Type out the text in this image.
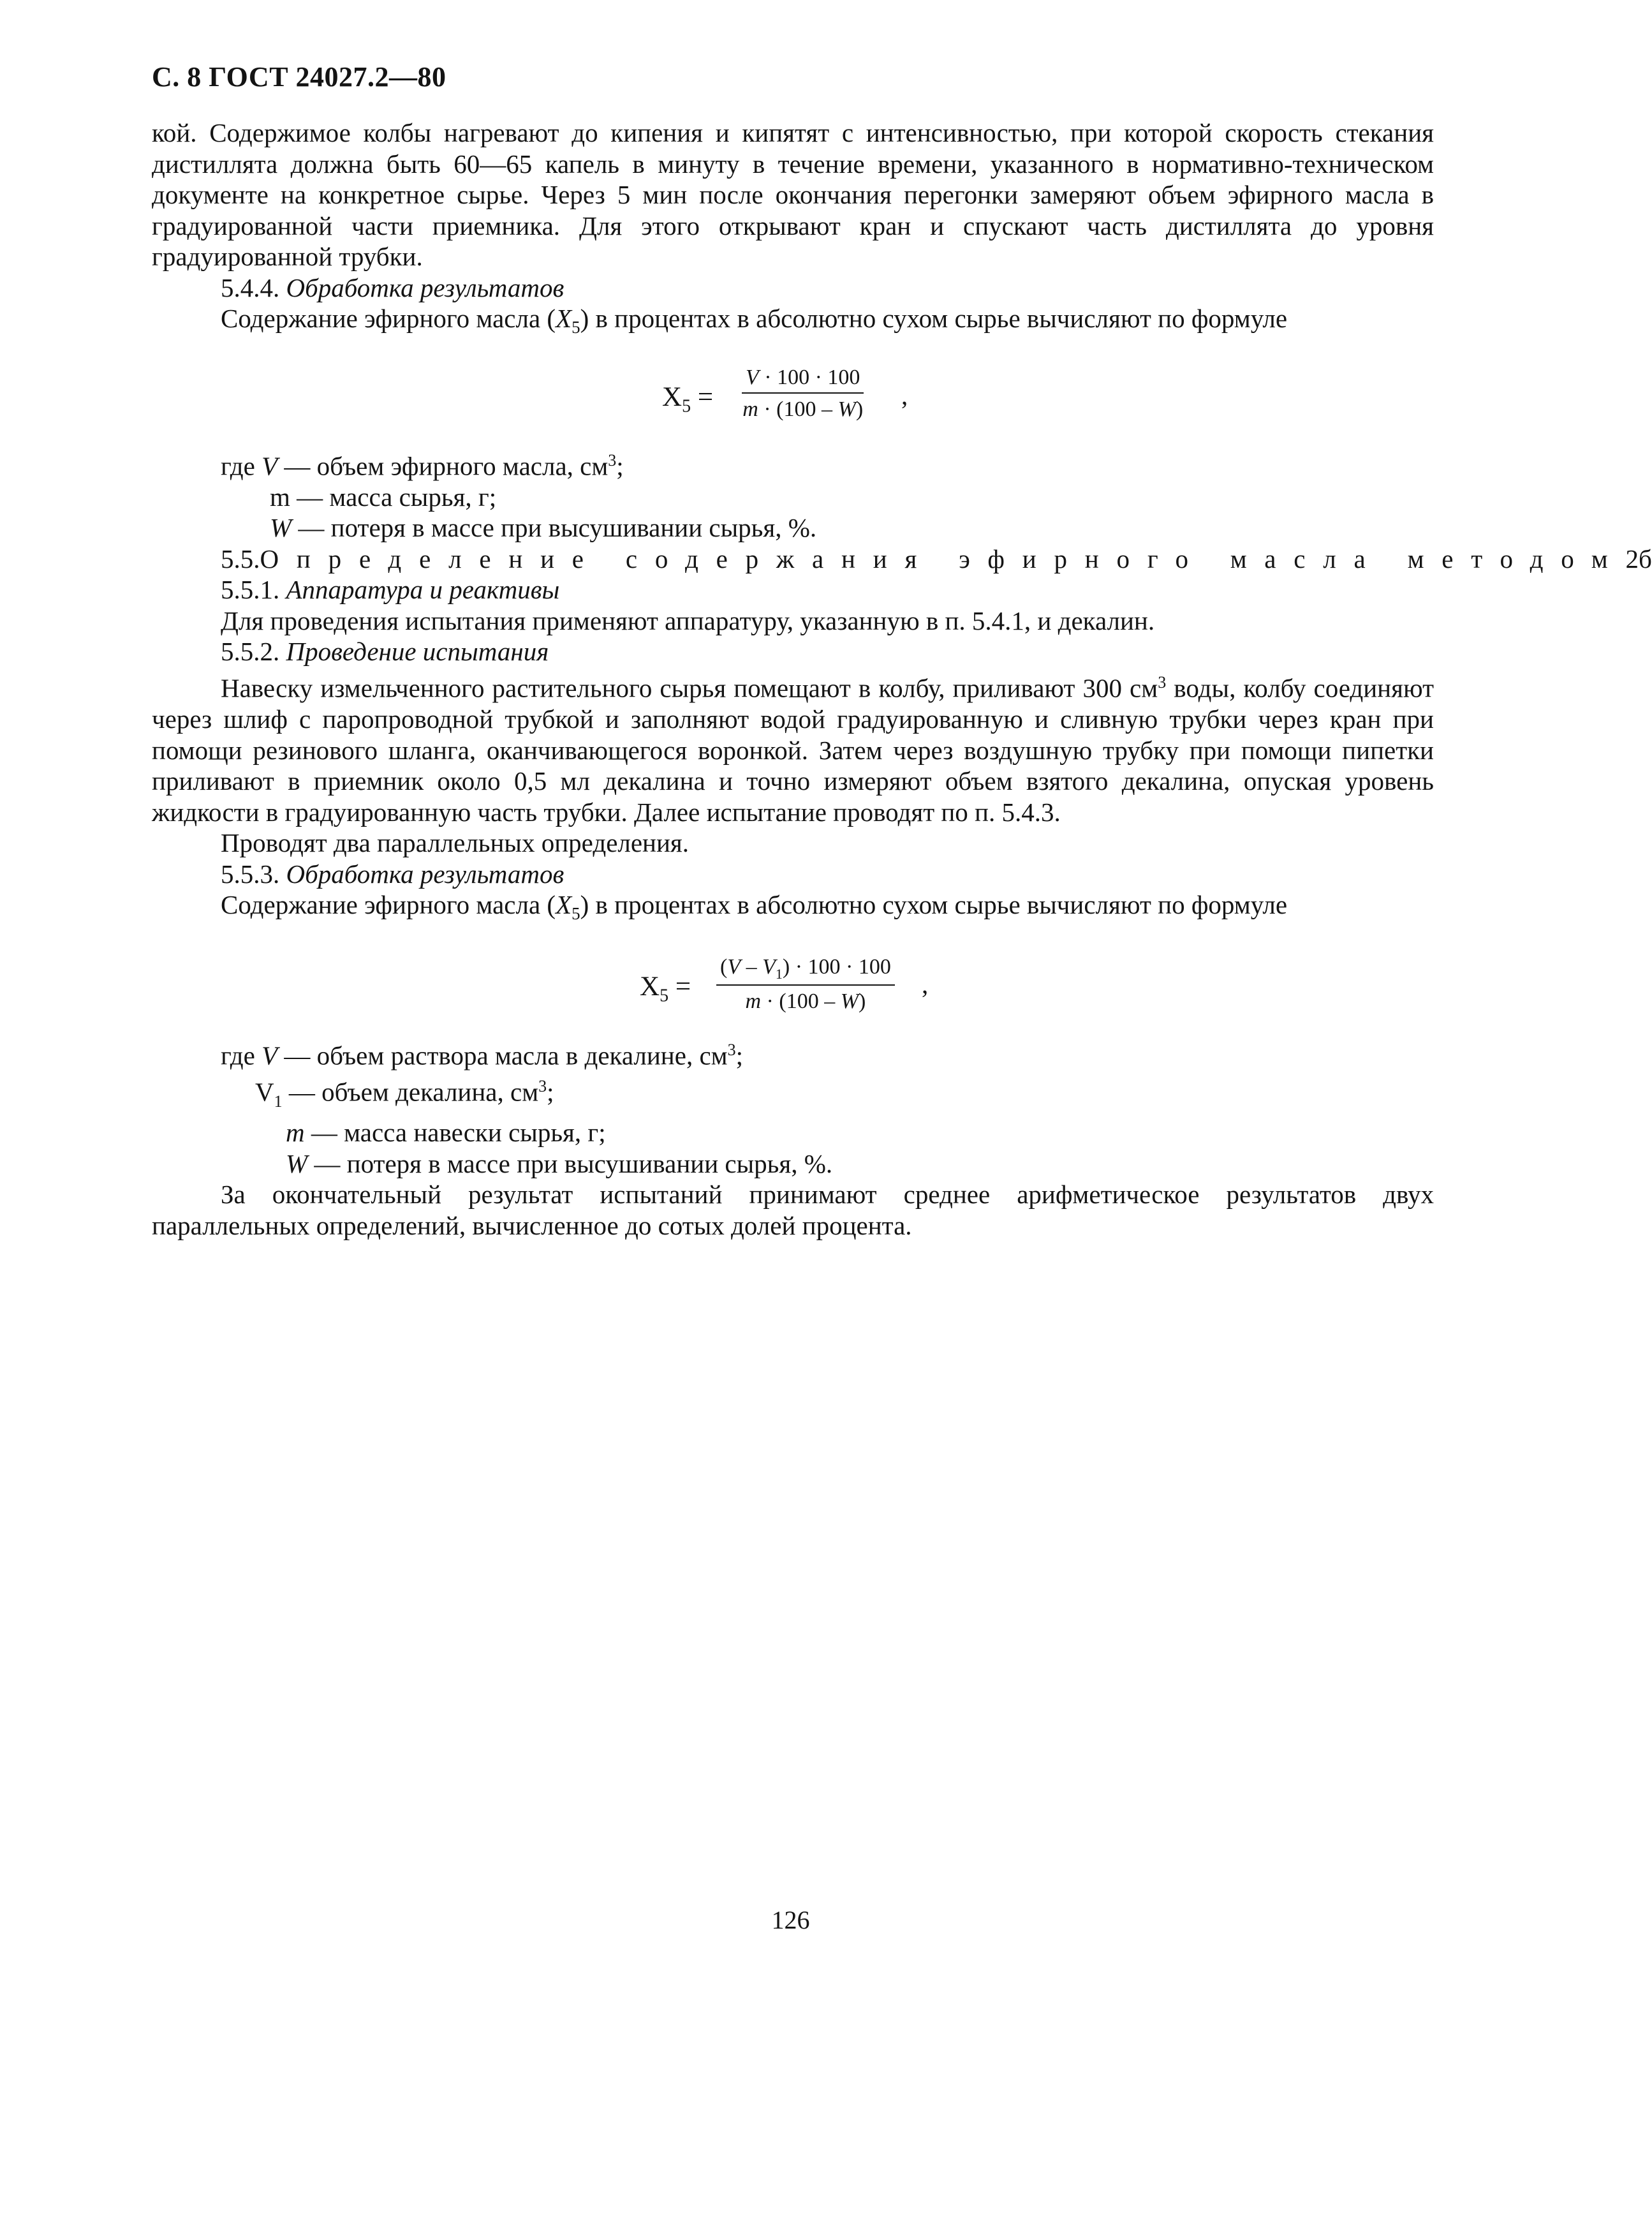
С. 8 ГОСТ 24027.2—80

кой. Содержимое колбы нагревают до кипения и кипятят с интенсивностью, при которой скорость стекания дистиллята должна быть 60—65 капель в минуту в течение времени, указанного в нормативно-техническом документе на конкретное сырье. Через 5 мин после окончания перегонки замеряют объем эфирного масла в градуированной части приемника. Для этого открывают кран и спускают часть дистиллята до уровня градуированной трубки.

5.4.4. Обработка результатов

Содержание эфирного масла $(X_5)$ в процентах в абсолютно сухом сырье вычисляют по формуле

$X_5 = \frac{V \cdot 100 \cdot 100}{m \cdot (100 - W)}$ ,

где V — объем эфирного масла, $см^3$;

m — масса сырья, г;

W — потеря в массе при высушивании сырья, %.

5.5. Определение содержания эфирного масла методом 2б

5.5.1. Аппаратура и реактивы

Для проведения испытания применяют аппаратуру, указанную в п. 5.4.1, и декалин.

5.5.2. Проведение испытания

Навеску измельченного растительного сырья помещают в колбу, приливают 300 $см^3$ воды, колбу соединяют через шлиф с паропроводной трубкой и заполняют водой градуированную и сливную трубки через кран при помощи резинового шланга, оканчивающегося воронкой. Затем через воздушную трубку при помощи пипетки приливают в приемник около 0,5 мл декалина и точно измеряют объем взятого декалина, опуская уровень жидкости в градуированную часть трубки. Далее испытание проводят по п. 5.4.3.

Проводят два параллельных определения.

5.5.3. Обработка результатов

Содержание эфирного масла $(X_5)$ в процентах в абсолютно сухом сырье вычисляют по формуле

$X_5 = \frac{(V - V_1) \cdot 100 \cdot 100}{m \cdot (100 - W)}$ ,

где V — объем раствора масла в декалине, $см^3$;

$V_1$ — объем декалина, $см^3$;

m — масса навески сырья, г;

W — потеря в массе при высушивании сырья, %.

За окончательный результат испытаний принимают среднее арифметическое результатов двух параллельных определений, вычисленное до сотых долей процента.

126
